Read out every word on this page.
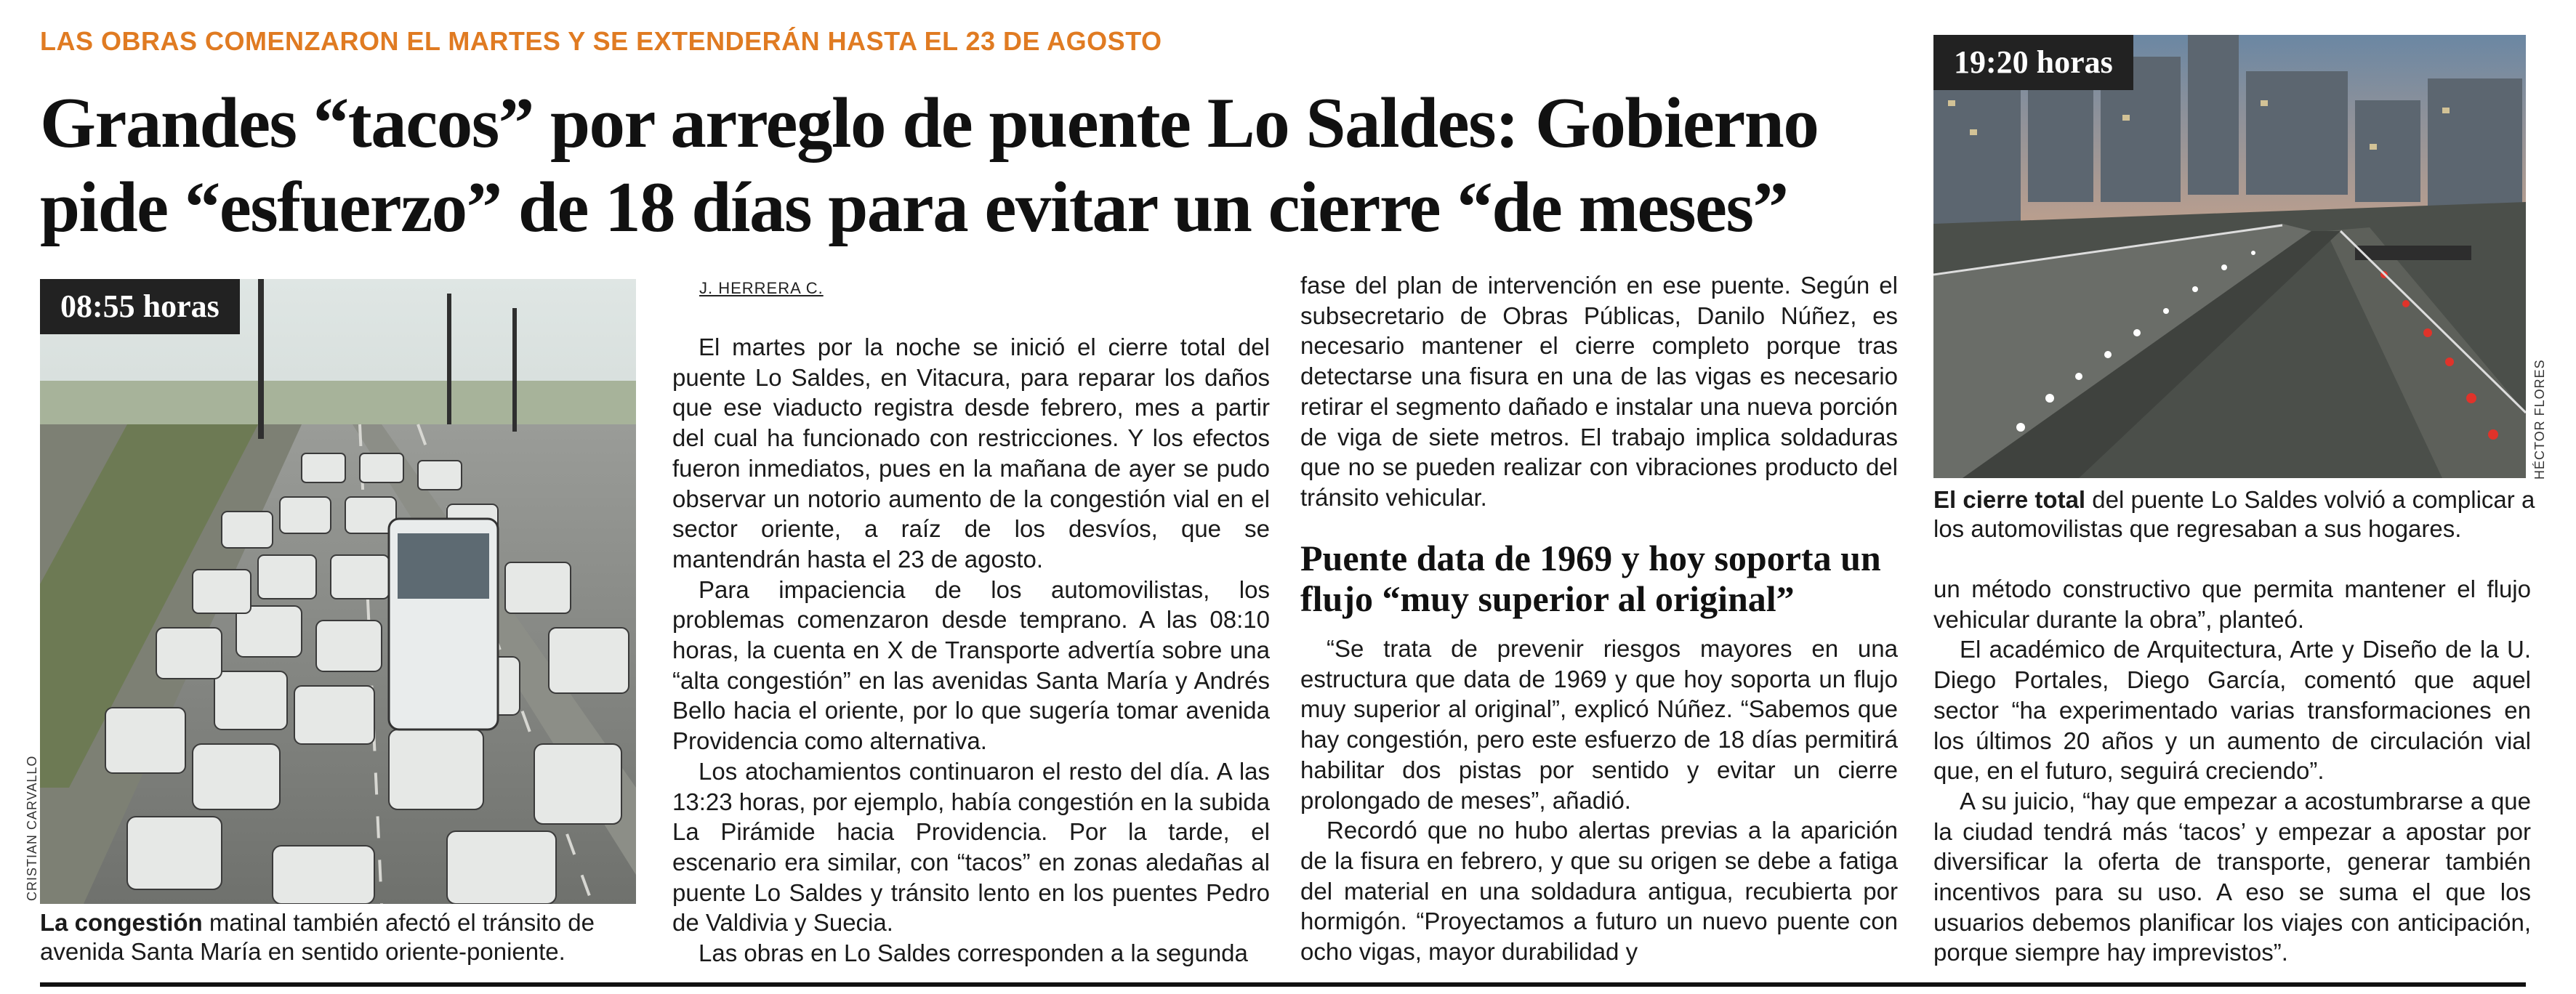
LAS OBRAS COMENZARON EL MARTES Y SE EXTENDERÁN HASTA EL 23 DE AGOSTO
Grandes “tacos” por arreglo de puente Lo Saldes: Gobierno pide “esfuerzo” de 18 días para evitar un cierre “de meses”
08:55 horas
CRISTIAN CARVALLO
La congestión matinal también afectó el tránsito de avenida Santa María en sentido oriente-poniente.
J. HERRERA C.

El martes por la noche se inició el cierre total del puente Lo Saldes, en Vitacura, para reparar los daños que ese viaducto registra desde febrero, mes a partir del cual ha funcionado con restricciones. Y los efectos fueron inmediatos, pues en la mañana de ayer se pudo observar un notorio aumento de la congestión vial en el sector oriente, a raíz de los desvíos, que se mantendrán hasta el 23 de agosto.

Para impaciencia de los automovilistas, los problemas comenzaron desde temprano. A las 08:10 horas, la cuenta en X de Transporte advertía sobre una “alta congestión” en las avenidas Santa María y Andrés Bello hacia el oriente, por lo que sugería tomar avenida Providencia como alternativa.

Los atochamientos continuaron el resto del día. A las 13:23 horas, por ejemplo, había congestión en la subida La Pirámide hacia Providencia. Por la tarde, el escenario era similar, con “tacos” en zonas aledañas al puente Lo Saldes y tránsito lento en los puentes Pedro de Valdivia y Suecia.

Las obras en Lo Saldes corresponden a la segunda

fase del plan de intervención en ese puente. Según el subsecretario de Obras Públicas, Danilo Núñez, es necesario mantener el cierre completo porque tras detectarse una fisura en una de las vigas es necesario retirar el segmento dañado e instalar una nueva porción de viga de siete metros. El trabajo implica soldaduras que no se pueden realizar con vibraciones producto del tránsito vehicular.

Puente data de 1969 y hoy soporta un flujo “muy superior al original”

“Se trata de prevenir riesgos mayores en una estructura que data de 1969 y que hoy soporta un flujo muy superior al original”, explicó Núñez. “Sabemos que hay congestión, pero este esfuerzo de 18 días permitirá habilitar dos pistas por sentido y evitar un cierre prolongado de meses”, añadió.

Recordó que no hubo alertas previas a la aparición de la fisura en febrero, y que su origen se debe a fatiga del material en una soldadura antigua, recubierta por hormigón. “Proyectamos a futuro un nuevo puente con ocho vigas, mayor durabilidad y

19:20 horas
HÉCTOR FLORES
El cierre total del puente Lo Saldes volvió a complicar a los automovilistas que regresaban a sus hogares.

un método constructivo que permita mantener el flujo vehicular durante la obra”, planteó.

El académico de Arquitectura, Arte y Diseño de la U. Diego Portales, Diego García, comentó que aquel sector “ha experimentado varias transformaciones en los últimos 20 años y un aumento de circulación vial que, en el futuro, seguirá creciendo”.

A su juicio, “hay que empezar a acostumbrarse a que la ciudad tendrá más ‘tacos’ y empezar a apostar por diversificar la oferta de transporte, generar también incentivos para su uso. A eso se suma el que los usuarios debemos planificar los viajes con anticipación, porque siempre hay imprevistos”.
